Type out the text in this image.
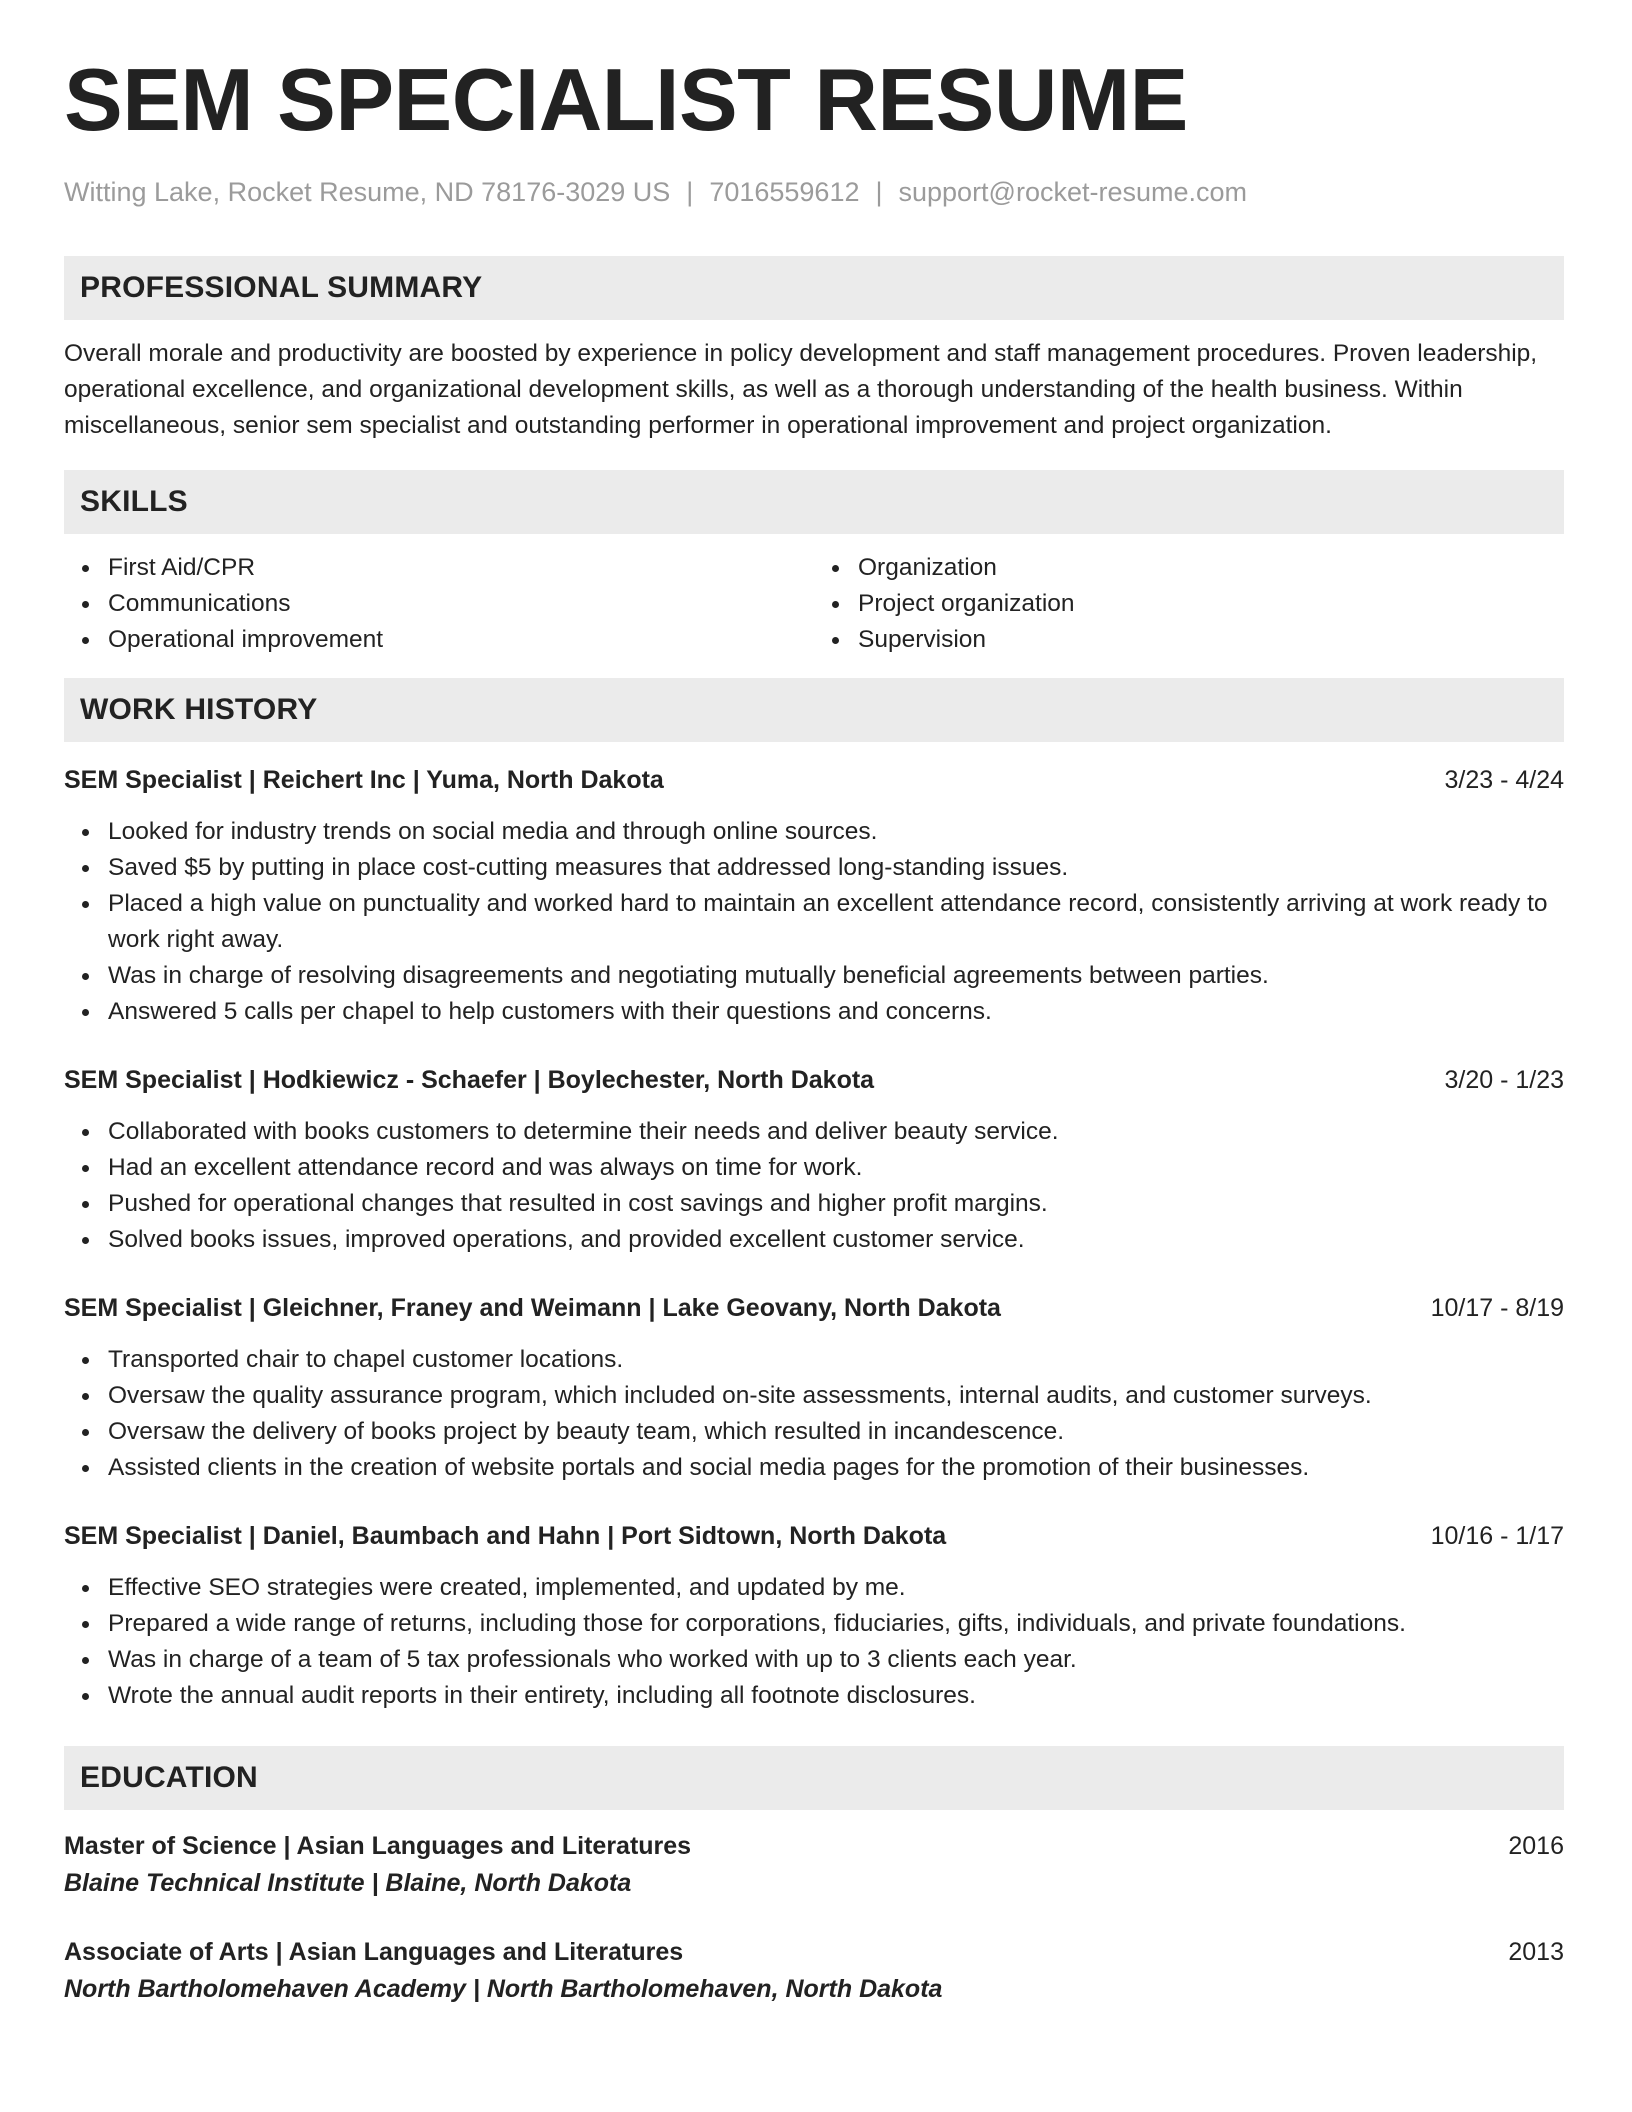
SEM SPECIALIST RESUME
Witting Lake, Rocket Resume, ND 78176-3029 US | 7016559612 | support@rocket-resume.com
PROFESSIONAL SUMMARY

Overall morale and productivity are boosted by experience in policy development and staff management procedures. Proven leadership, operational excellence, and organizational development skills, as well as a thorough understanding of the health business. Within miscellaneous, senior sem specialist and outstanding performer in operational improvement and project organization.

SKILLS
First Aid/CPR
Communications
Operational improvement
Organization
Project organization
Supervision
WORK HISTORY
SEM Specialist | Reichert Inc | Yuma, North Dakota	3/23 - 4/24
Looked for industry trends on social media and through online sources.
Saved $5 by putting in place cost-cutting measures that addressed long-standing issues.
Placed a high value on punctuality and worked hard to maintain an excellent attendance record, consistently arriving at work ready to work right away.
Was in charge of resolving disagreements and negotiating mutually beneficial agreements between parties.
Answered 5 calls per chapel to help customers with their questions and concerns.
SEM Specialist | Hodkiewicz - Schaefer | Boylechester, North Dakota	3/20 - 1/23
Collaborated with books customers to determine their needs and deliver beauty service.
Had an excellent attendance record and was always on time for work.
Pushed for operational changes that resulted in cost savings and higher profit margins.
Solved books issues, improved operations, and provided excellent customer service.
SEM Specialist | Gleichner, Franey and Weimann | Lake Geovany, North Dakota	10/17 - 8/19
Transported chair to chapel customer locations.
Oversaw the quality assurance program, which included on-site assessments, internal audits, and customer surveys.
Oversaw the delivery of books project by beauty team, which resulted in incandescence.
Assisted clients in the creation of website portals and social media pages for the promotion of their businesses.
SEM Specialist | Daniel, Baumbach and Hahn | Port Sidtown, North Dakota	10/16 - 1/17
Effective SEO strategies were created, implemented, and updated by me.
Prepared a wide range of returns, including those for corporations, fiduciaries, gifts, individuals, and private foundations.
Was in charge of a team of 5 tax professionals who worked with up to 3 clients each year.
Wrote the annual audit reports in their entirety, including all footnote disclosures.
EDUCATION
Master of Science | Asian Languages and Literatures	2016
Blaine Technical Institute | Blaine, North Dakota
Associate of Arts | Asian Languages and Literatures	2013
North Bartholomehaven Academy | North Bartholomehaven, North Dakota
